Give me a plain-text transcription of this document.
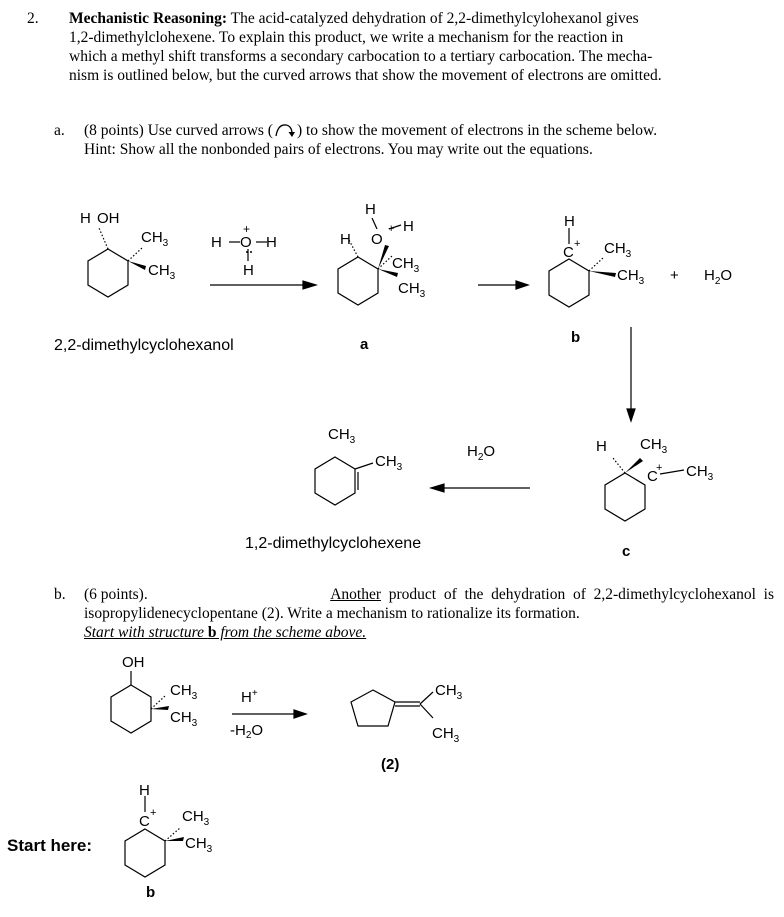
2. Mechanistic Reasoning: The acid-catalyzed dehydration of 2,2-dimethylcylohexanol gives
1,2-dimethylclohexene. To explain this product, we write a mechanism for the reaction in
which a methyl shift transforms a secondary carbocation to a tertiary carbocation. The mecha-
nism is outlined below, but the curved arrows that show the movement of electrons are omitted.
a. (8 points) Use curved arrows ( ) to show the movement of electrons in the scheme below.
Hint: Show all the nonbonded pairs of electrons. You may write out the equations.
H OH
$CH_3$
$CH_3$
H O H
H
+
H
H O
+ H
$CH_3$
$CH_3$
H
$C + CH_3$
$CH_3 + H_2O$
H $CH_3$
C
+ $CH_3$
$CH_3$
$CH_3$
$H_2O$
OH
$CH_3$
$CH_3$
$CH_3$
$CH_3$
H
$C + CH_3$
$CH_3$
2,2-dimethylcyclohexanol	a	b
c
1,2-dimethylcyclohexene
b. (6 points).	Another product  of  the  dehydration  of  2,2-dimethylcyclohexanol  is
isopropylidenecyclopentane (2). Write a mechanism to rationalize its formation.
Start with structure b from the scheme above.
H+
$-H_2O$
(2)
Start here:
b
